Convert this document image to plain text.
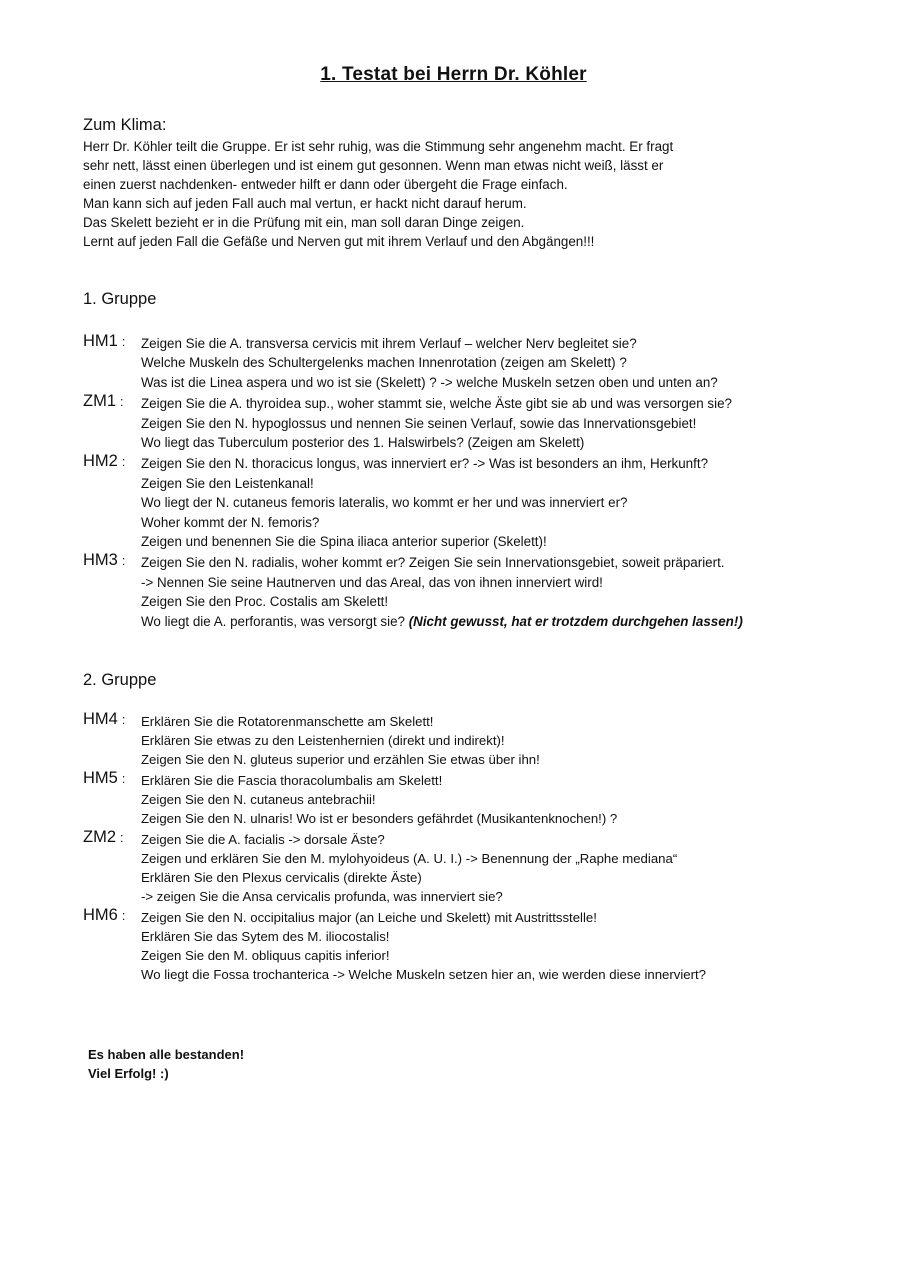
1. Testat bei Herrn Dr. Köhler
Zum Klima:
Herr Dr. Köhler teilt die Gruppe. Er ist sehr ruhig, was die Stimmung sehr angenehm macht. Er fragt
sehr nett, lässt einen überlegen und ist einem gut gesonnen. Wenn man etwas nicht weiß, lässt er
einen zuerst nachdenken- entweder hilft er dann oder übergeht die Frage einfach.
Man kann sich auf jeden Fall auch mal vertun, er hackt nicht darauf herum.
Das Skelett bezieht er in die Prüfung mit ein, man soll daran Dinge zeigen.
Lernt auf jeden Fall die Gefäße und Nerven gut mit ihrem Verlauf und den Abgängen!!!
1. Gruppe
HM1 :	Zeigen Sie die A. transversa cervicis mit ihrem Verlauf – welcher Nerv begleitet sie?
Welche Muskeln des Schultergelenks machen Innenrotation (zeigen am Skelett) ?
Was ist die Linea aspera und wo ist sie (Skelett) ? -> welche Muskeln setzen oben und unten an?
ZM1 :	Zeigen Sie die A. thyroidea sup., woher stammt sie, welche Äste gibt sie ab und was versorgen sie?
Zeigen Sie den N. hypoglossus und nennen Sie seinen Verlauf, sowie das Innervationsgebiet!
Wo liegt das Tuberculum posterior des 1. Halswirbels? (Zeigen am Skelett)
HM2 :	Zeigen Sie den N. thoracicus longus, was innerviert er? -> Was ist besonders an ihm, Herkunft?
Zeigen Sie den Leistenkanal!
Wo liegt der N. cutaneus femoris lateralis, wo kommt er her und was innerviert er?
Woher kommt der N. femoris?
Zeigen und benennen Sie die Spina iliaca anterior superior (Skelett)!
HM3 :	Zeigen Sie den N. radialis, woher kommt er? Zeigen Sie sein Innervationsgebiet, soweit präpariert.
-> Nennen Sie seine Hautnerven und das Areal, das von ihnen innerviert wird!
Zeigen Sie den Proc. Costalis am Skelett!
Wo liegt die A. perforantis, was versorgt sie? (Nicht gewusst, hat er trotzdem durchgehen lassen!)
2. Gruppe
HM4 :	Erklären Sie die Rotatorenmanschette am Skelett!
Erklären Sie etwas zu den Leistenhernien (direkt und indirekt)!
Zeigen Sie den N. gluteus superior und erzählen Sie etwas über ihn!
HM5 :	Erklären Sie die Fascia thoracolumbalis am Skelett!
Zeigen Sie den N. cutaneus antebrachii!
Zeigen Sie den N. ulnaris! Wo ist er besonders gefährdet (Musikantenknochen!) ?
ZM2 :	Zeigen Sie die A. facialis -> dorsale Äste?
Zeigen und erklären Sie den M. mylohyoideus (A. U. I.) -> Benennung der „Raphe mediana“
Erklären Sie den Plexus cervicalis (direkte Äste)
-> zeigen Sie die Ansa cervicalis profunda, was innerviert sie?
HM6 :	Zeigen Sie den N. occipitalius major (an Leiche und Skelett) mit Austrittsstelle!
Erklären Sie das Sytem des M. iliocostalis!
Zeigen Sie den M. obliquus capitis inferior!
Wo liegt die Fossa trochanterica -> Welche Muskeln setzen hier an, wie werden diese innerviert?
Es haben alle bestanden!
Viel Erfolg! :)
